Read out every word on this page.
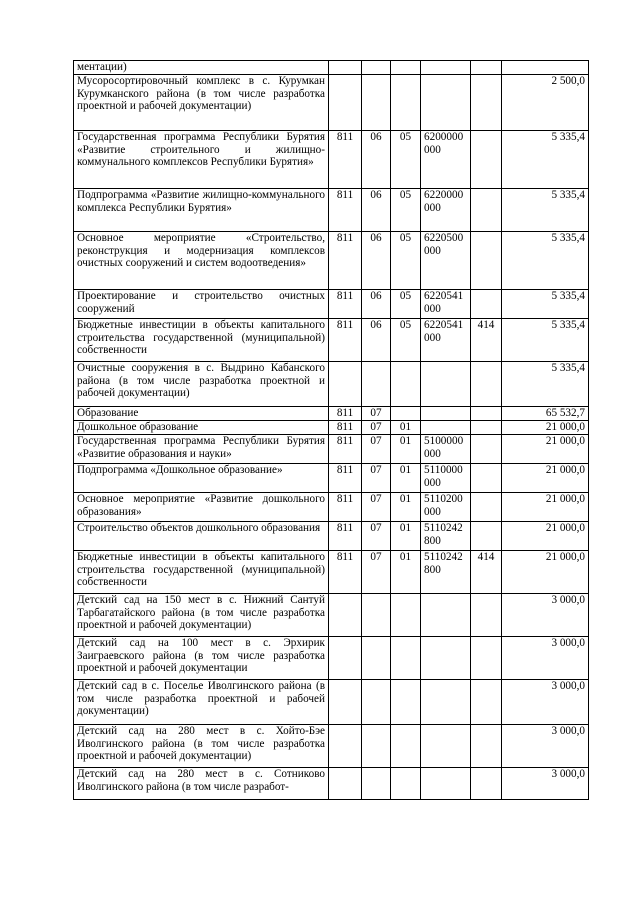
ментации)						
Мусоросортировочный комплекс в с. Курумкан Курумканского района (в том числе разработка проектной и рабочей документации)						2 500,0
Государственная программа Республики Бурятия «Развитие строительного и жилищно-коммунального комплексов Республики Бурятия»	811	06	05	6200000000		5 335,4
Подпрограмма «Развитие жилищно-коммунального комплекса Республики Бурятия»	811	06	05	6220000000		5 335,4
Основное мероприятие «Строительство, реконструкция и модернизация комплексов очистных сооружений и систем водоотведения»	811	06	05	6220500000		5 335,4
Проектирование и строительство очистных сооружений	811	06	05	6220541000		5 335,4
Бюджетные инвестиции в объекты капитального строительства государственной (муниципальной) собственности	811	06	05	6220541000	414	5 335,4
Очистные сооружения в с. Выдрино Кабанского района (в том числе разработка проектной и рабочей документации)						5 335,4
Образование	811	07				65 532,7
Дошкольное образование	811	07	01			21 000,0
Государственная программа Республики Бурятия «Развитие образования и науки»	811	07	01	5100000000		21 000,0
Подпрограмма «Дошкольное образование»	811	07	01	5110000000		21 000,0
Основное мероприятие «Развитие дошкольного образования»	811	07	01	5110200000		21 000,0
Строительство объектов дошкольного образования	811	07	01	5110242800		21 000,0
Бюджетные инвестиции в объекты капитального строительства государственной (муниципальной) собственности	811	07	01	5110242800	414	21 000,0
Детский сад на 150 мест в с. Нижний Сантуй Тарбагатайского района (в том числе разработка проектной и рабочей документации)						3 000,0
Детский сад на 100 мест в с. Эрхирик Заиграевского района (в том числе разработка проектной и рабочей документации						3 000,0
Детский сад в с. Поселье Иволгинского района (в том числе разработка проектной и рабочей документации)						3 000,0
Детский сад на 280 мест в с. Хойто-Бэе Иволгинского района (в том числе разработка проектной и рабочей документации)						3 000,0
Детский сад на 280 мест в с. Сотниково Иволгинского района (в том числе разработ-						3 000,0
